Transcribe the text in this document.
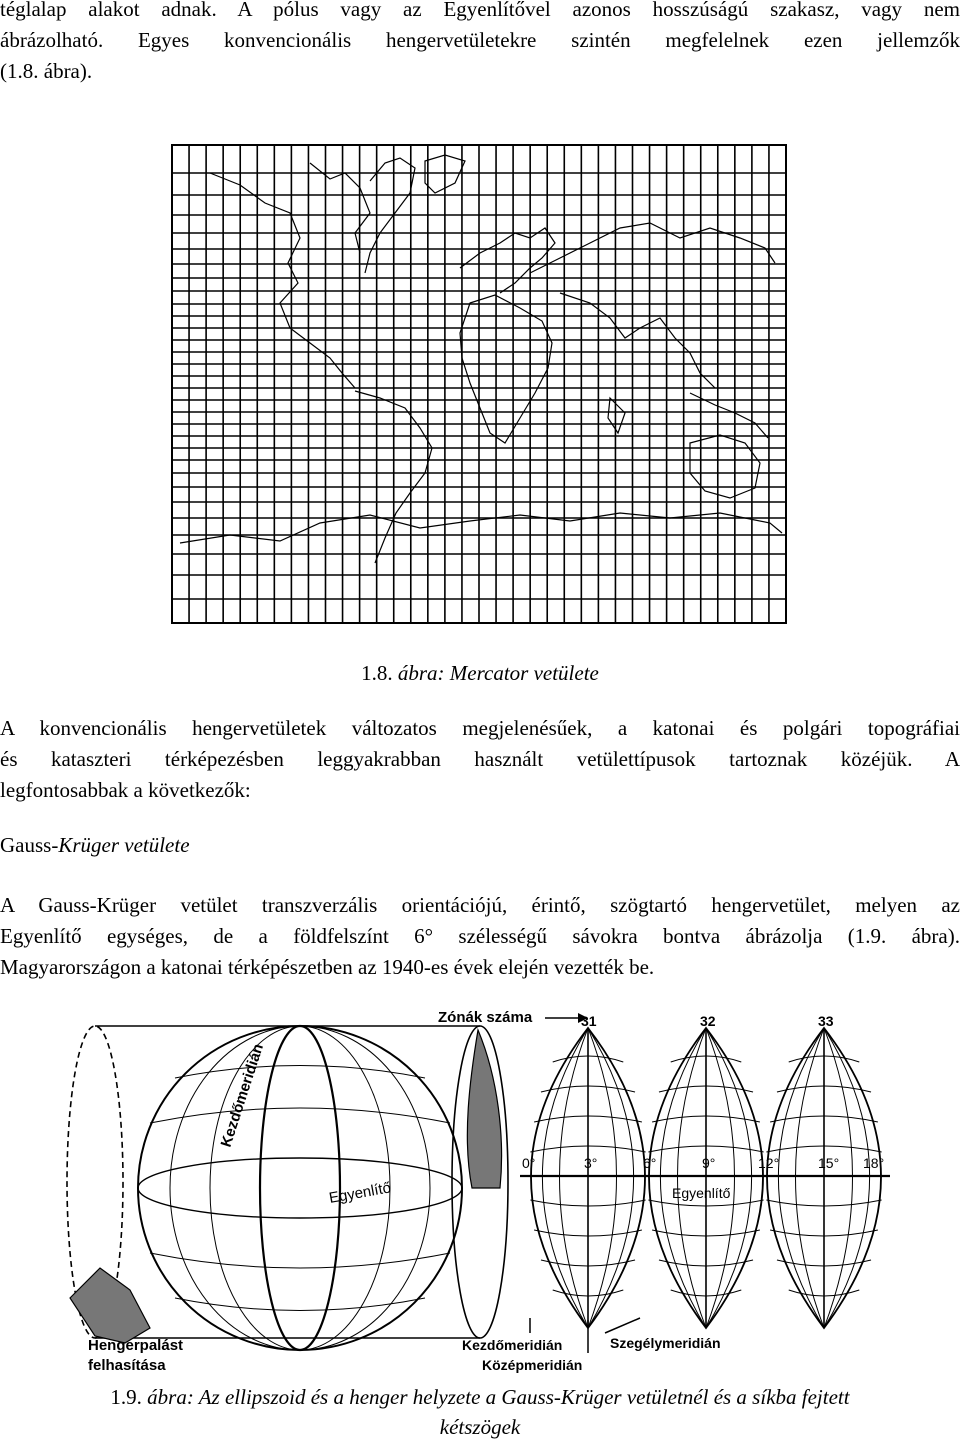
téglalap alakot adnak. A pólus vagy az Egyenlítővel azonos hosszúságú szakasz, vagy nem
ábrázolható. Egyes konvencionális hengervetületekre szintén megfelelnek ezen jellemzők
(1.8. ábra).
1.8. ábra: Mercator vetülete
A konvencionális hengervetületek változatos megjelenésűek, a katonai és polgári topográfiai
és kataszteri térképezésben leggyakrabban használt vetülettípusok tartoznak közéjük. A
legfontosabbak a következők:
Gauss-Krüger vetülete
A Gauss-Krüger vetület transzverzális orientációjú, érintő, szögtartó hengervetület, melyen az
Egyenlítő egységes, de a földfelszínt 6° szélességű sávokra bontva ábrázolja (1.9. ábra).
Magyarországon a katonai térképészetben az 1940-es évek elején vezették be.
Kezdőmeridián
Egyenlítő
Hengerpalást
felhasítása
Zónák száma	31	32	33
0°	3°	6°	9°	12°	15° 18°
Egyenlítő
Kezdőmeridián
Középmeridián
Szegélymeridián
1.9. ábra: Az ellipszoid és a henger helyzete a Gauss-Krüger vetületnél és a síkba fejtett
kétszögek
